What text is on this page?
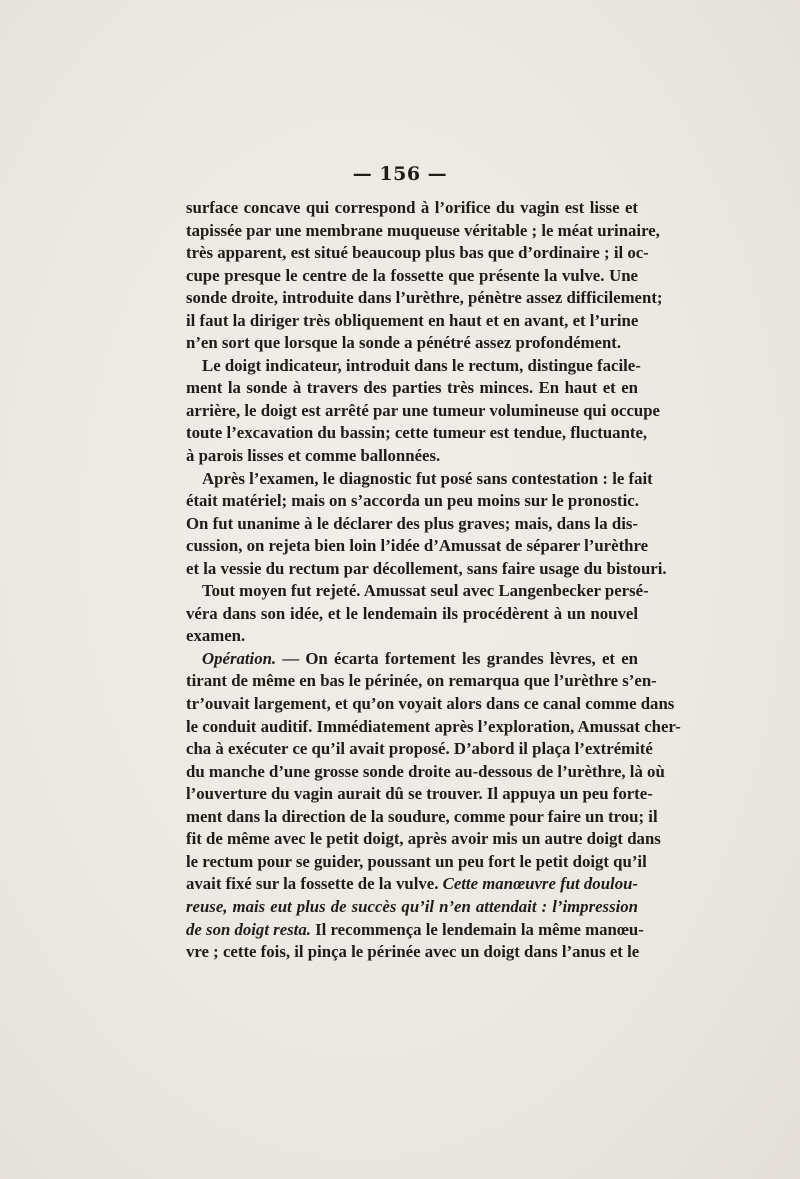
— 156 —
surface concave qui correspond à l’orifice du vagin est lisse et
tapissée par une membrane muqueuse véritable ; le méat urinaire,
très apparent, est situé beaucoup plus bas que d’ordinaire ; il oc-
cupe presque le centre de la fossette que présente la vulve. Une
sonde droite, introduite dans l’urèthre, pénètre assez difficilement;
il faut la diriger très obliquement en haut et en avant, et l’urine
n’en sort que lorsque la sonde a pénétré assez profondément.
Le doigt indicateur, introduit dans le rectum, distingue facile-
ment la sonde à travers des parties très minces. En haut et en
arrière, le doigt est arrêté par une tumeur volumineuse qui occupe
toute l’excavation du bassin; cette tumeur est tendue, fluctuante,
à parois lisses et comme ballonnées.
Après l’examen, le diagnostic fut posé sans contestation : le fait
était matériel; mais on s’accorda un peu moins sur le pronostic.
On fut unanime à le déclarer des plus graves; mais, dans la dis-
cussion, on rejeta bien loin l’idée d’Amussat de séparer l’urèthre
et la vessie du rectum par décollement, sans faire usage du bistouri.
Tout moyen fut rejeté. Amussat seul avec Langenbecker persé-
véra dans son idée, et le lendemain ils procédèrent à un nouvel
examen.
Opération. — On écarta fortement les grandes lèvres, et en
tirant de même en bas le périnée, on remarqua que l’urèthre s’en-
tr’ouvait largement, et qu’on voyait alors dans ce canal comme dans
le conduit auditif. Immédiatement après l’exploration, Amussat cher-
cha à exécuter ce qu’il avait proposé. D’abord il plaça l’extrémité
du manche d’une grosse sonde droite au-dessous de l’urèthre, là où
l’ouverture du vagin aurait dû se trouver. Il appuya un peu forte-
ment dans la direction de la soudure, comme pour faire un trou; il
fit de même avec le petit doigt, après avoir mis un autre doigt dans
le rectum pour se guider, poussant un peu fort le petit doigt qu’il
avait fixé sur la fossette de la vulve. Cette manœuvre fut doulou-
reuse, mais eut plus de succès qu’il n’en attendait : l’impression
de son doigt resta. Il recommença le lendemain la même manœu-
vre ; cette fois, il pinça le périnée avec un doigt dans l’anus et le
